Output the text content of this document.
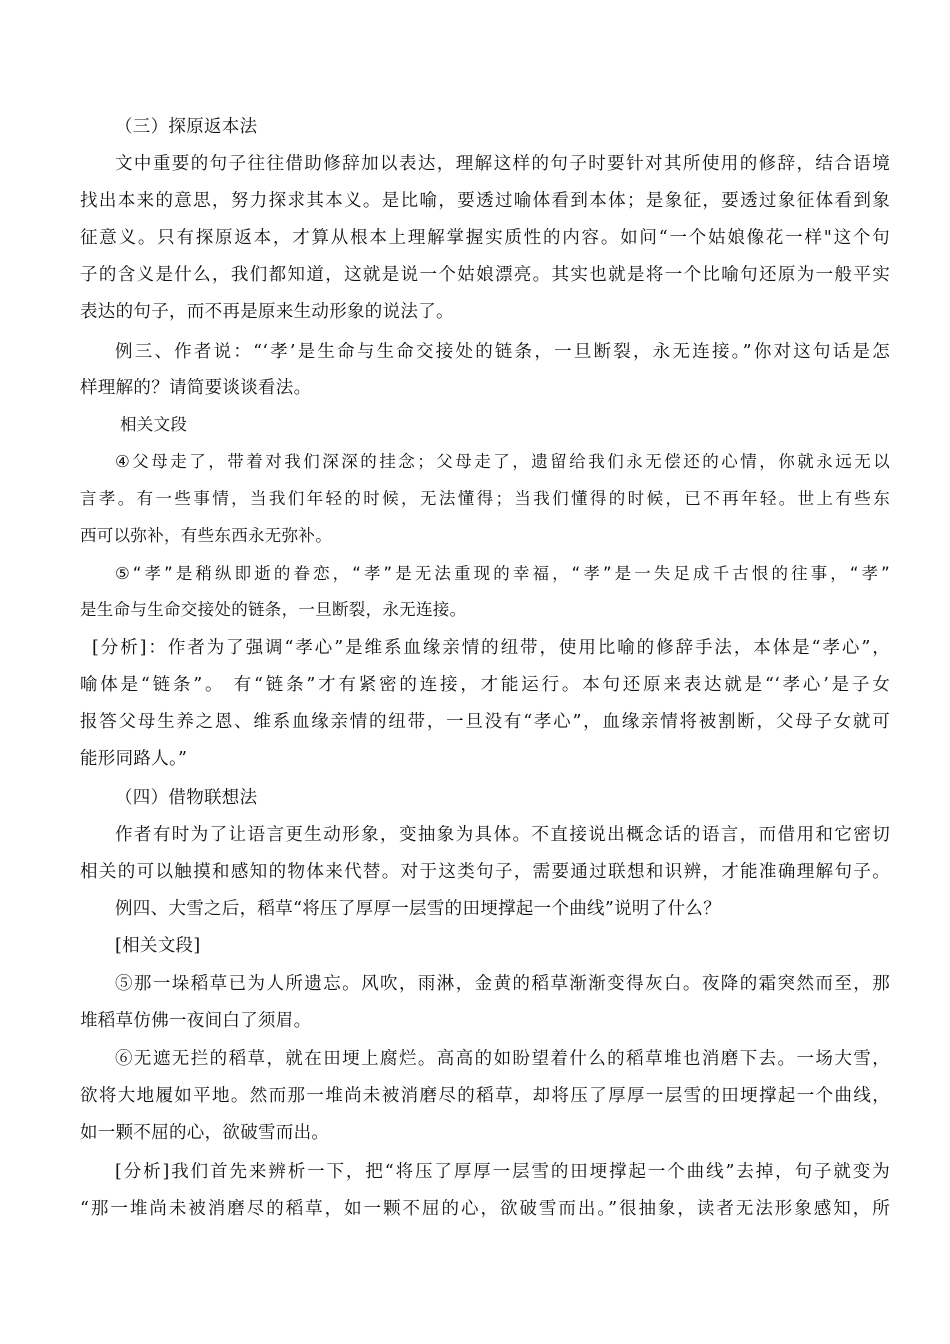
（三）探原返本法
文中重要的句子往往借助修辞加以表达，理解这样的句子时要针对其所使用的修辞，结合语境
找出本来的意思，努力探求其本义。是比喻，要透过喻体看到本体；是象征，要透过象征体看到象
征意义。只有探原返本，才算从根本上理解掌握实质性的内容。如问“一个姑娘像花一样"这个句
子的含义是什么，我们都知道，这就是说一个姑娘漂亮。其实也就是将一个比喻句还原为一般平实
表达的句子，而不再是原来生动形象的说法了。
例三、作者说：“‘孝’是生命与生命交接处的链条，一旦断裂，永无连接。”你对这句话是怎
样理解的？请简要谈谈看法。
相关文段
④父母走了，带着对我们深深的挂念；父母走了，遗留给我们永无偿还的心情，你就永远无以
言孝。有一些事情，当我们年轻的时候，无法懂得；当我们懂得的时候，已不再年轻。世上有些东
西可以弥补，有些东西永无弥补。
⑤“孝”是稍纵即逝的眷恋，“孝”是无法重现的幸福，“孝”是一失足成千古恨的往事，“孝”
是生命与生命交接处的链条，一旦断裂，永无连接。
[分析]：作者为了强调“孝心”是维系血缘亲情的纽带，使用比喻的修辞手法，本体是“孝心”，
喻体是“链条”。 有“链条”才有紧密的连接，才能运行。本句还原来表达就是“‘孝心’是子女
报答父母生养之恩、维系血缘亲情的纽带，一旦没有“孝心”，血缘亲情将被割断，父母子女就可
能形同路人。”
（四）借物联想法
作者有时为了让语言更生动形象，变抽象为具体。不直接说出概念话的语言，而借用和它密切
相关的可以触摸和感知的物体来代替。对于这类句子，需要通过联想和识辨，才能准确理解句子。
例四、大雪之后，稻草“将压了厚厚一层雪的田埂撑起一个曲线”说明了什么？
[相关文段]
⑤那一垛稻草已为人所遗忘。风吹，雨淋，金黄的稻草渐渐变得灰白。夜降的霜突然而至，那
堆稻草仿佛一夜间白了须眉。
⑥无遮无拦的稻草，就在田埂上腐烂。高高的如盼望着什么的稻草堆也消磨下去。一场大雪，
欲将大地履如平地。然而那一堆尚未被消磨尽的稻草，却将压了厚厚一层雪的田埂撑起一个曲线，
如一颗不屈的心，欲破雪而出。
[分析]我们首先来辨析一下，把“将压了厚厚一层雪的田埂撑起一个曲线”去掉，句子就变为
“那一堆尚未被消磨尽的稻草，如一颗不屈的心，欲破雪而出。”很抽象，读者无法形象感知，所
